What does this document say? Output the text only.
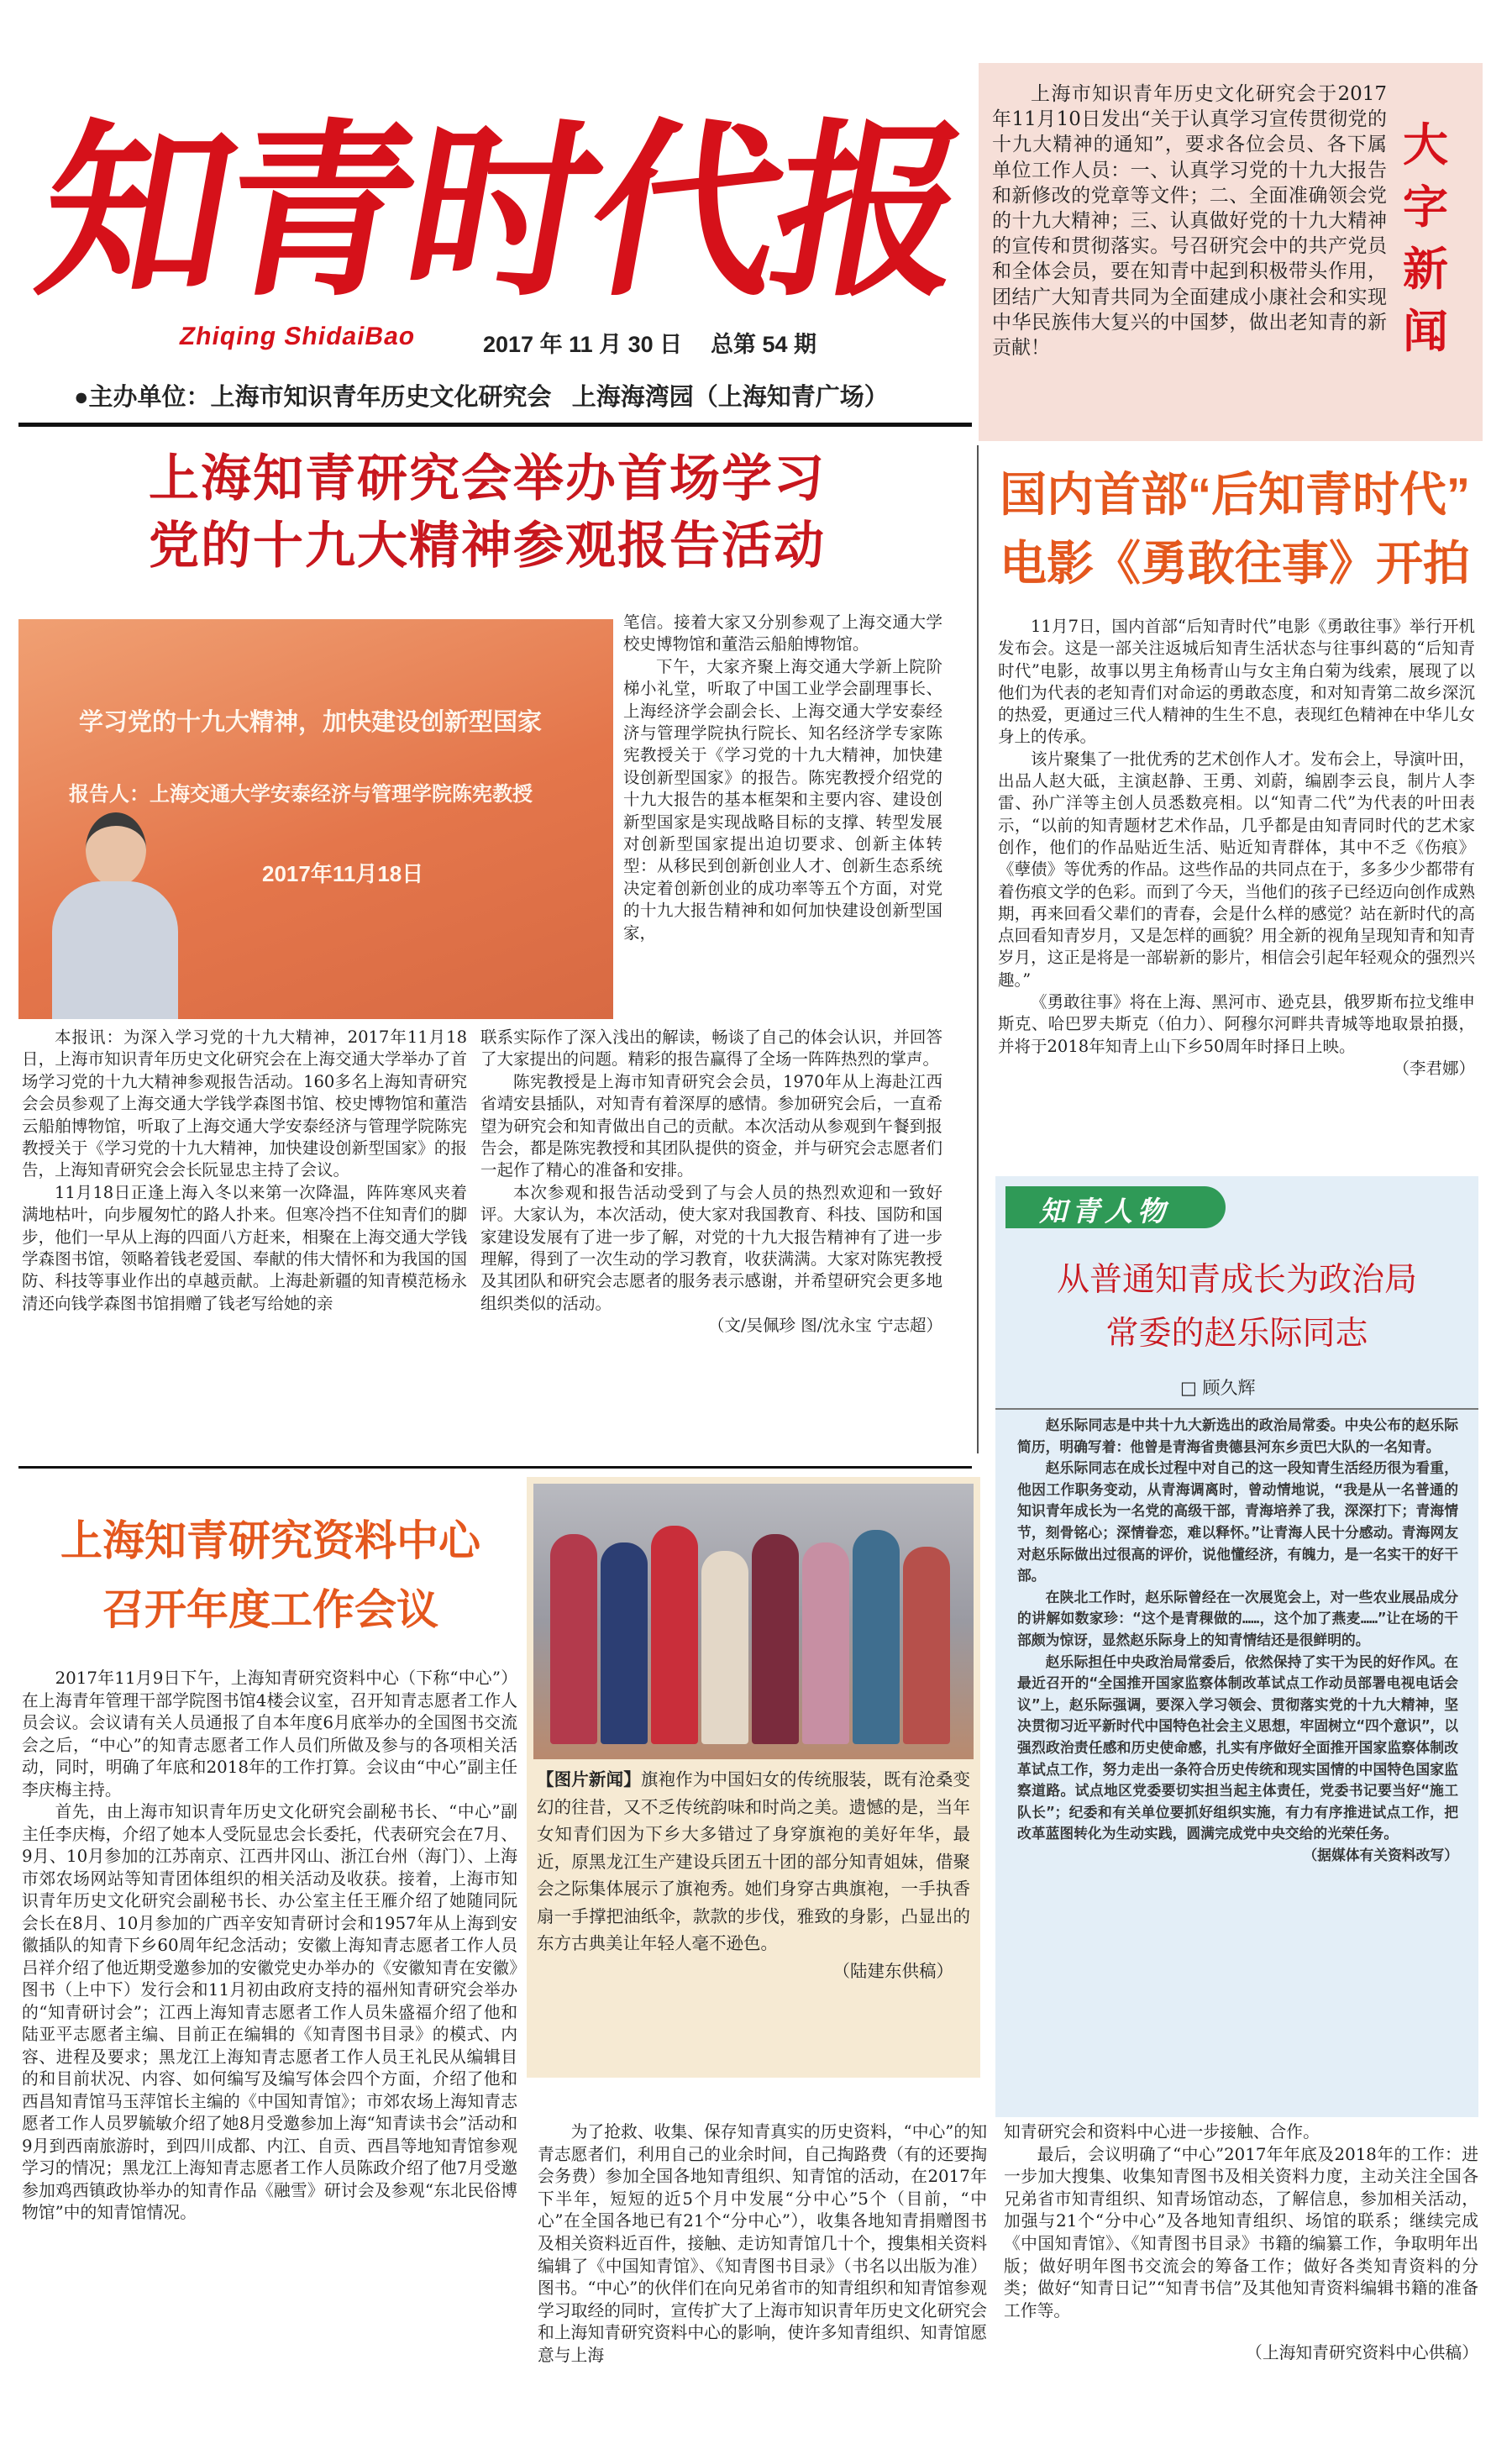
知青时代报
Zhiqing ShidaiBao	2017 年 11 月 30 日 总第 54 期
●主办单位：上海市知识青年历史文化研究会   上海海湾园（上海知青广场）
上海市知识青年历史文化研究会于2017年11月10日发出“关于认真学习宣传贯彻党的十九大精神的通知”，要求各位会员、各下属单位工作人员：一、认真学习党的十九大报告和新修改的党章等文件；二、全面准确领会党的十九大精神；三、认真做好党的十九大精神的宣传和贯彻落实。号召研究会中的共产党员和全体会员，要在知青中起到积极带头作用，团结广大知青共同为全面建成小康社会和实现中华民族伟大复兴的中国梦，做出老知青的新贡献！
大字新闻
上海知青研究会举办首场学习
党的十九大精神参观报告活动
学习党的十九大精神，加快建设创新型国家
报告人：上海交通大学安泰经济与管理学院陈宪教授
2017年11月18日

本报讯：为深入学习党的十九大精神，2017年11月18日，上海市知识青年历史文化研究会在上海交通大学举办了首场学习党的十九大精神参观报告活动。160多名上海知青研究会会员参观了上海交通大学钱学森图书馆、校史博物馆和董浩云船舶博物馆，听取了上海交通大学安泰经济与管理学院陈宪教授关于《学习党的十九大精神，加快建设创新型国家》的报告，上海知青研究会会长阮显忠主持了会议。

11月18日正逢上海入冬以来第一次降温，阵阵寒风夹着满地枯叶，向步履匆忙的路人扑来。但寒冷挡不住知青们的脚步，他们一早从上海的四面八方赶来，相聚在上海交通大学钱学森图书馆，领略着钱老爱国、奉献的伟大情怀和为我国的国防、科技等事业作出的卓越贡献。上海赴新疆的知青模范杨永清还向钱学森图书馆捐赠了钱老写给她的亲

笔信。接着大家又分别参观了上海交通大学校史博物馆和董浩云船舶博物馆。

下午，大家齐聚上海交通大学新上院阶梯小礼堂，听取了中国工业学会副理事长、上海经济学会副会长、上海交通大学安泰经济与管理学院执行院长、知名经济学专家陈宪教授关于《学习党的十九大精神，加快建设创新型国家》的报告。陈宪教授介绍党的十九大报告的基本框架和主要内容、建设创新型国家是实现战略目标的支撑、转型发展对创新型国家提出迫切要求、创新主体转型：从移民到创新创业人才、创新生态系统决定着创新创业的成功率等五个方面，对党的十九大报告精神和如何加快建设创新型国家，

联系实际作了深入浅出的解读，畅谈了自己的体会认识，并回答了大家提出的问题。精彩的报告赢得了全场一阵阵热烈的掌声。

陈宪教授是上海市知青研究会会员，1970年从上海赴江西省靖安县插队，对知青有着深厚的感情。参加研究会后，一直希望为研究会和知青做出自己的贡献。本次活动从参观到午餐到报告会，都是陈宪教授和其团队提供的资金，并与研究会志愿者们一起作了精心的准备和安排。

本次参观和报告活动受到了与会人员的热烈欢迎和一致好评。大家认为，本次活动，使大家对我国教育、科技、国防和国家建设发展有了进一步了解，对党的十九大报告精神有了进一步理解，得到了一次生动的学习教育，收获满满。大家对陈宪教授及其团队和研究会志愿者的服务表示感谢，并希望研究会更多地组织类似的活动。

（文/吴佩珍 图/沈永宝 宁志超）
国内首部“后知青时代”
电影《勇敢往事》开拍

11月7日，国内首部“后知青时代”电影《勇敢往事》举行开机发布会。这是一部关注返城后知青生活状态与往事纠葛的“后知青时代”电影，故事以男主角杨青山与女主角白菊为线索，展现了以他们为代表的老知青们对命运的勇敢态度，和对知青第二故乡深沉的热爱，更通过三代人精神的生生不息，表现红色精神在中华儿女身上的传承。

该片聚集了一批优秀的艺术创作人才。发布会上，导演叶田，出品人赵大砥，主演赵静、王勇、刘蔚，编剧李云良，制片人李雷、孙广洋等主创人员悉数亮相。以“知青二代”为代表的叶田表示，“以前的知青题材艺术作品，几乎都是由知青同时代的艺术家创作，他们的作品贴近生活、贴近知青群体，其中不乏《伤痕》《孽债》等优秀的作品。这些作品的共同点在于，多多少少都带有着伤痕文学的色彩。而到了今天，当他们的孩子已经迈向创作成熟期，再来回看父辈们的青春，会是什么样的感觉？站在新时代的高点回看知青岁月，又是怎样的画貌？用全新的视角呈现知青和知青岁月，这正是将是一部崭新的影片，相信会引起年轻观众的强烈兴趣。”

《勇敢往事》将在上海、黑河市、逊克县，俄罗斯布拉戈维申斯克、哈巴罗夫斯克（伯力）、阿穆尔河畔共青城等地取景拍摄，并将于2018年知青上山下乡50周年时择日上映。

（李君娜）
知青人物
从普通知青成长为政治局
常委的赵乐际同志
□ 顾久辉

赵乐际同志是中共十九大新选出的政治局常委。中央公布的赵乐际简历，明确写着：他曾是青海省贵德县河东乡贡巴大队的一名知青。

赵乐际同志在成长过程中对自己的这一段知青生活经历很为看重，他因工作职务变动，从青海调离时，曾动情地说，“我是从一名普通的知识青年成长为一名党的高级干部，青海培养了我，深深打下；青海情节，刻骨铭心；深情眷恋，难以释怀。”让青海人民十分感动。青海网友对赵乐际做出过很高的评价，说他懂经济，有魄力，是一名实干的好干部。

在陕北工作时，赵乐际曾经在一次展览会上，对一些农业展品成分的讲解如数家珍：“这个是青稞做的……，这个加了燕麦……”让在场的干部颇为惊讶，显然赵乐际身上的知青情结还是很鲜明的。

赵乐际担任中央政治局常委后，依然保持了实干为民的好作风。在最近召开的“全国推开国家监察体制改革试点工作动员部署电视电话会议”上，赵乐际强调，要深入学习领会、贯彻落实党的十九大精神，坚决贯彻习近平新时代中国特色社会主义思想，牢固树立“四个意识”，以强烈政治责任感和历史使命感，扎实有序做好全面推开国家监察体制改革试点工作，努力走出一条符合历史传统和现实国情的中国特色国家监察道路。试点地区党委要切实担当起主体责任，党委书记要当好“施工队长”；纪委和有关单位要抓好组织实施，有力有序推进试点工作，把改革蓝图转化为生动实践，圆满完成党中央交给的光荣任务。

（据媒体有关资料改写）
上海知青研究资料中心
召开年度工作会议

2017年11月9日下午，上海知青研究资料中心（下称“中心”）在上海青年管理干部学院图书馆4楼会议室，召开知青志愿者工作人员会议。会议请有关人员通报了自本年度6月底举办的全国图书交流会之后，“中心”的知青志愿者工作人员们所做及参与的各项相关活动，同时，明确了年底和2018年的工作打算。会议由“中心”副主任李庆梅主持。

首先，由上海市知识青年历史文化研究会副秘书长、“中心”副主任李庆梅，介绍了她本人受阮显忠会长委托，代表研究会在7月、9月、10月参加的江苏南京、江西井冈山、浙江台州（海门）、上海市郊农场网站等知青团体组织的相关活动及收获。接着，上海市知识青年历史文化研究会副秘书长、办公室主任王雁介绍了她随同阮会长在8月、10月参加的广西辛安知青研讨会和1957年从上海到安徽插队的知青下乡60周年纪念活动；安徽上海知青志愿者工作人员吕祥介绍了他近期受邀参加的安徽党史办举办的《安徽知青在安徽》图书（上中下）发行会和11月初由政府支持的福州知青研究会举办的“知青研讨会”；江西上海知青志愿者工作人员朱盛福介绍了他和陆亚平志愿者主编、目前正在编辑的《知青图书目录》的模式、内容、进程及要求；黑龙江上海知青志愿者工作人员王礼民从编辑目的和目前状况、内容、如何编写及编写体会四个方面，介绍了他和西昌知青馆马玉萍馆长主编的《中国知青馆》；市郊农场上海知青志愿者工作人员罗毓敏介绍了她8月受邀参加上海“知青读书会”活动和9月到西南旅游时，到四川成都、内江、自贡、西昌等地知青馆参观学习的情况；黑龙江上海知青志愿者工作人员陈政介绍了他7月受邀参加鸡西镇政协举办的知青作品《融雪》研讨会及参观“东北民俗博物馆”中的知青馆情况。

【图片新闻】旗袍作为中国妇女的传统服装，既有沧桑变幻的往昔，又不乏传统韵味和时尚之美。遗憾的是，当年女知青们因为下乡大多错过了身穿旗袍的美好年华，最近，原黑龙江生产建设兵团五十团的部分知青姐妹，借聚会之际集体展示了旗袍秀。她们身穿古典旗袍，一手执香扇一手撑把油纸伞，款款的步伐，雅致的身影，凸显出的东方古典美让年轻人毫不逊色。
（陆建东供稿）

为了抢救、收集、保存知青真实的历史资料，“中心”的知青志愿者们，利用自己的业余时间，自己掏路费（有的还要掏会务费）参加全国各地知青组织、知青馆的活动，在2017年下半年，短短的近5个月中发展“分中心”5个（目前，“中心”在全国各地已有21个“分中心”），收集各地知青捐赠图书及相关资料近百件，接触、走访知青馆几十个，搜集相关资料编辑了《中国知青馆》、《知青图书目录》（书名以出版为准）图书。“中心”的伙伴们在向兄弟省市的知青组织和知青馆参观学习取经的同时，宣传扩大了上海市知识青年历史文化研究会和上海知青研究资料中心的影响，使许多知青组织、知青馆愿意与上海

知青研究会和资料中心进一步接触、合作。

最后，会议明确了“中心”2017年年底及2018年的工作：进一步加大搜集、收集知青图书及相关资料力度，主动关注全国各兄弟省市知青组织、知青场馆动态，了解信息，参加相关活动，加强与21个“分中心”及各地知青组织、场馆的联系；继续完成《中国知青馆》、《知青图书目录》书籍的编纂工作，争取明年出版；做好明年图书交流会的筹备工作；做好各类知青资料的分类；做好“知青日记”“知青书信”及其他知青资料编辑书籍的准备工作等。

（上海知青研究资料中心供稿）
